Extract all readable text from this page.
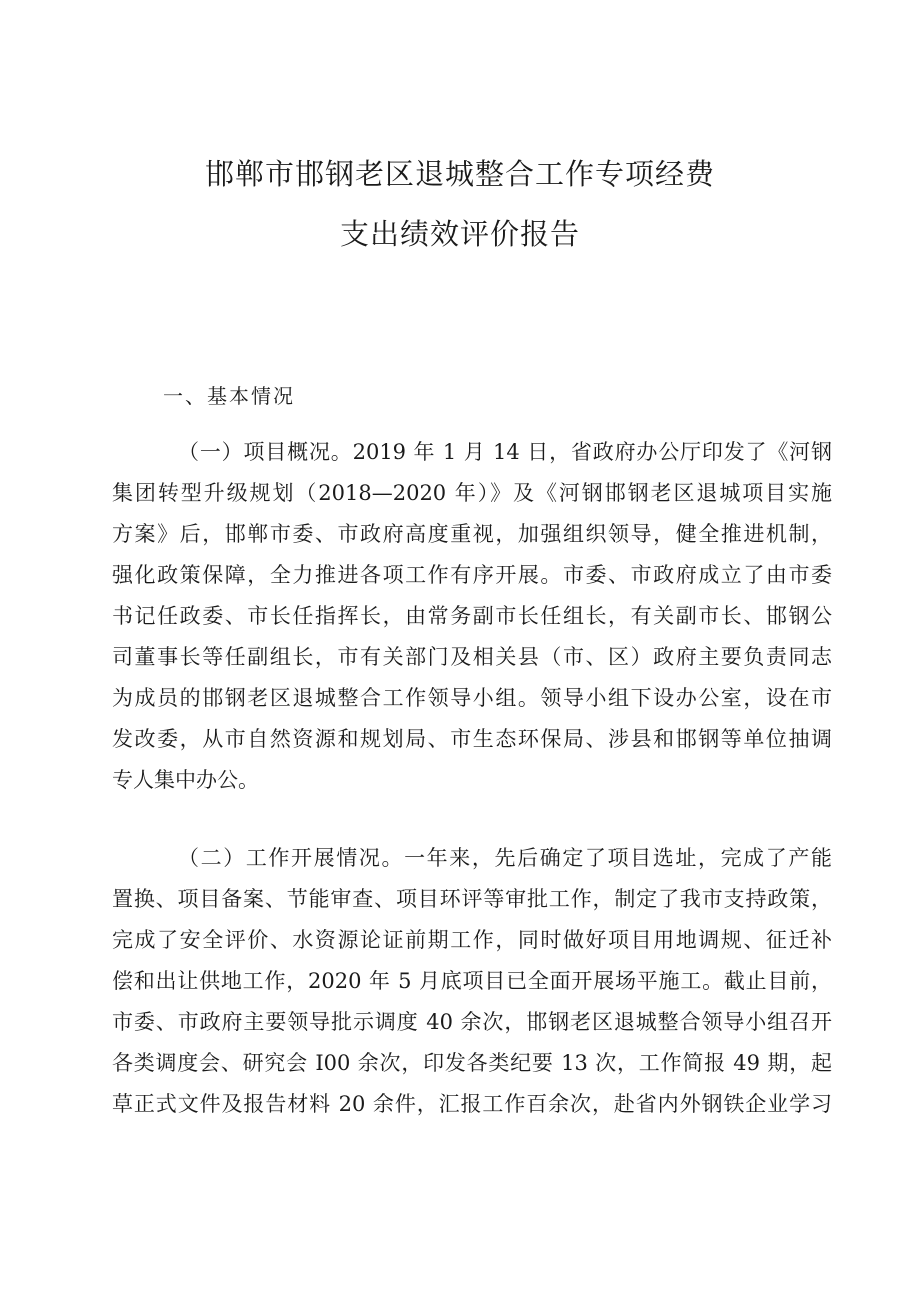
邯郸市邯钢老区退城整合工作专项经费
支出绩效评价报告
一、基本情况
（一）项目概况。2019 年 1 月 14 日，省政府办公厅印发了《河钢
集团转型升级规划（2018—2020 年）》及《河钢邯钢老区退城项目实施
方案》后，邯郸市委、市政府高度重视，加强组织领导，健全推进机制，
强化政策保障，全力推进各项工作有序开展。市委、市政府成立了由市委
书记任政委、市长任指挥长，由常务副市长任组长，有关副市长、邯钢公
司董事长等任副组长，市有关部门及相关县（市、区）政府主要负责同志
为成员的邯钢老区退城整合工作领导小组。领导小组下设办公室，设在市
发改委，从市自然资源和规划局、市生态环保局、涉县和邯钢等单位抽调
专人集中办公。
（二）工作开展情况。一年来，先后确定了项目选址，完成了产能
置换、项目备案、节能审查、项目环评等审批工作，制定了我市支持政策，
完成了安全评价、水资源论证前期工作，同时做好项目用地调规、征迁补
偿和出让供地工作，2020 年 5 月底项目已全面开展场平施工。截止目前，
市委、市政府主要领导批示调度 40 余次，邯钢老区退城整合领导小组召开
各类调度会、研究会 I00 余次，印发各类纪要 13 次，工作简报 49 期，起
草正式文件及报告材料 20 余件，汇报工作百余次，赴省内外钢铁企业学习
